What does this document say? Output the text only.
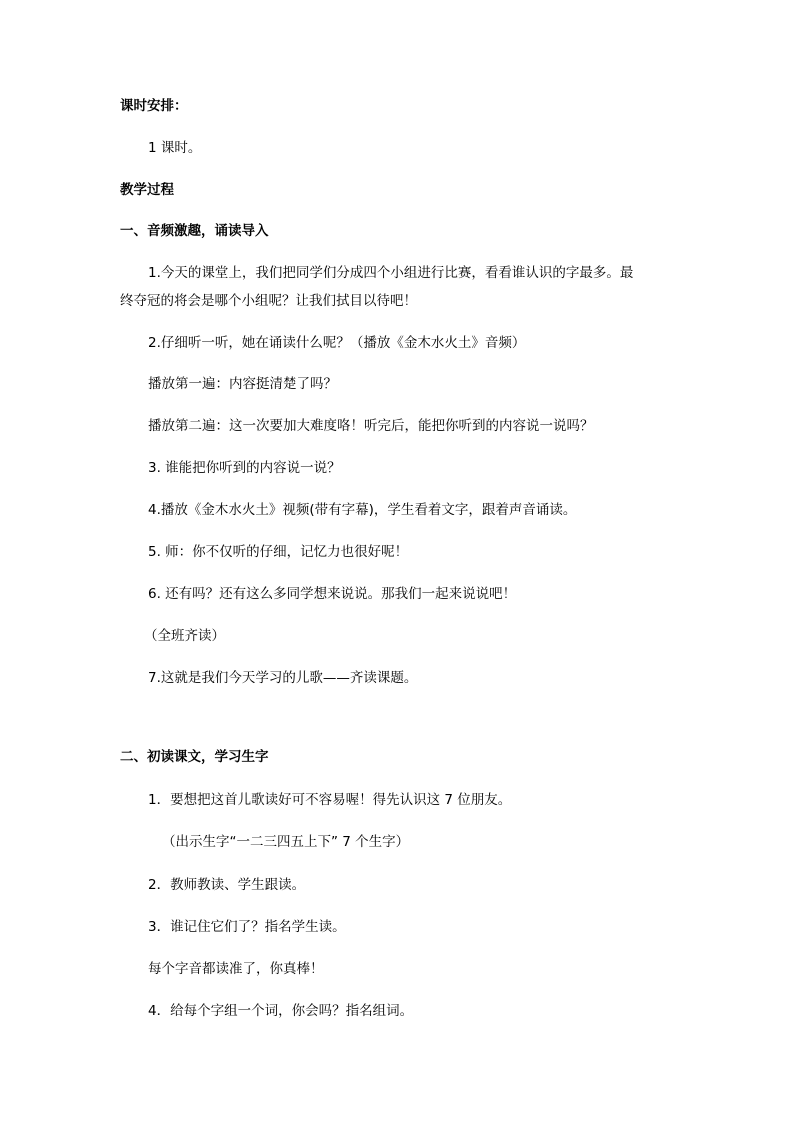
课时安排：
1 课时。
教学过程
一、音频激趣，诵读导入
1.今天的课堂上，我们把同学们分成四个小组进行比赛，看看谁认识的字最多。最
终夺冠的将会是哪个小组呢？让我们拭目以待吧！
2.仔细听一听，她在诵读什么呢？（播放《金木水火土》音频）
播放第一遍：内容挺清楚了吗？
播放第二遍：这一次要加大难度咯！听完后，能把你听到的内容说一说吗？
3. 谁能把你听到的内容说一说？
4.播放《金木水火土》视频(带有字幕)，学生看着文字，跟着声音诵读。
5. 师：你不仅听的仔细，记忆力也很好呢！
6. 还有吗？还有这么多同学想来说说。那我们一起来说说吧！
（全班齐读）
7.这就是我们今天学习的儿歌——齐读课题。
二、初读课文，学习生字
1．要想把这首儿歌读好可不容易喔！得先认识这 7 位朋友。
（出示生字“一二三四五上下” 7 个生字）
2．教师教读、学生跟读。
3．谁记住它们了？指名学生读。
每个字音都读准了，你真棒！
4．给每个字组一个词，你会吗？指名组词。
